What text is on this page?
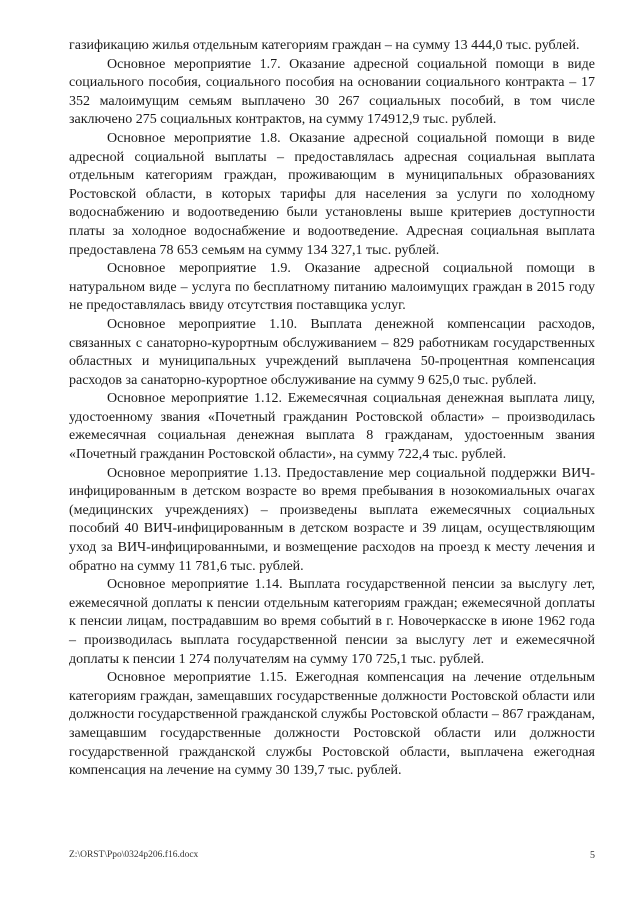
газификацию жилья отдельным категориям граждан – на сумму 13 444,0 тыс. рублей.

Основное мероприятие 1.7. Оказание адресной социальной помощи в виде социального пособия, социального пособия на основании социального контракта – 17 352 малоимущим семьям выплачено 30 267 социальных пособий, в том числе заключено 275 социальных контрактов, на сумму 174912,9 тыс. рублей.

Основное мероприятие 1.8. Оказание адресной социальной помощи в виде адресной социальной выплаты – предоставлялась адресная социальная выплата отдельным категориям граждан, проживающим в муниципальных образованиях Ростовской области, в которых тарифы для населения за услуги по холодному водоснабжению и водоотведению были установлены выше критериев доступности платы за холодное водоснабжение и водоотведение. Адресная социальная выплата предоставлена 78 653 семьям на сумму 134 327,1 тыс. рублей.

Основное мероприятие 1.9. Оказание адресной социальной помощи в натуральном виде – услуга по бесплатному питанию малоимущих граждан в 2015 году не предоставлялась ввиду отсутствия поставщика услуг.

Основное мероприятие 1.10. Выплата денежной компенсации расходов, связанных с санаторно-курортным обслуживанием – 829 работникам государственных областных и муниципальных учреждений выплачена 50-процентная компенсация расходов за санаторно-курортное обслуживание на сумму 9 625,0 тыс. рублей.

Основное мероприятие 1.12. Ежемесячная социальная денежная выплата лицу, удостоенному звания «Почетный гражданин Ростовской области» – производилась ежемесячная социальная денежная выплата 8 гражданам, удостоенным звания «Почетный гражданин Ростовской области», на сумму 722,4 тыс. рублей.

Основное мероприятие 1.13. Предоставление мер социальной поддержки ВИЧ-инфицированным в детском возрасте во время пребывания в нозокомиальных очагах (медицинских учреждениях) – произведены выплата ежемесячных социальных пособий 40 ВИЧ-инфицированным в детском возрасте и 39 лицам, осуществляющим уход за ВИЧ-инфицированными, и возмещение расходов на проезд к месту лечения и обратно на сумму 11 781,6 тыс. рублей.

Основное мероприятие 1.14. Выплата государственной пенсии за выслугу лет, ежемесячной доплаты к пенсии отдельным категориям граждан; ежемесячной доплаты к пенсии лицам, пострадавшим во время событий в г. Новочеркасске в июне 1962 года – производилась выплата государственной пенсии за выслугу лет и ежемесячной доплаты к пенсии 1 274 получателям на сумму 170 725,1 тыс. рублей.

Основное мероприятие 1.15. Ежегодная компенсация на лечение отдельным категориям граждан, замещавших государственные должности Ростовской области или должности государственной гражданской службы Ростовской области – 867 гражданам, замещавшим государственные должности Ростовской области или должности государственной гражданской службы Ростовской области, выплачена ежегодная компенсация на лечение на сумму 30 139,7 тыс. рублей.

Z:\ORST\Ppo\0324p206.f16.docx	5
